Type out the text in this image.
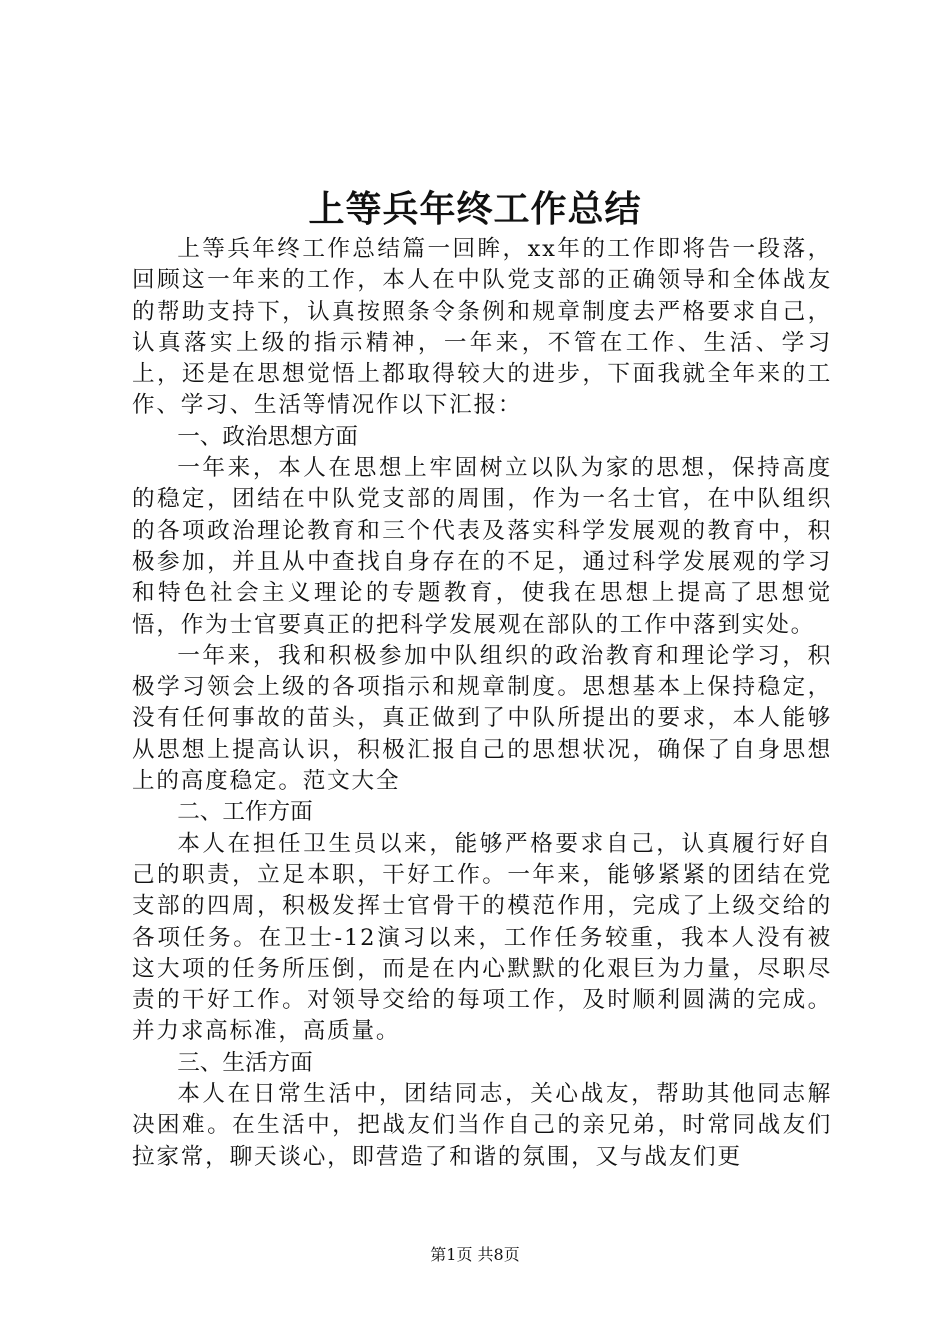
上等兵年终工作总结

上等兵年终工作总结篇一回眸，xx年的工作即将告一段落，回顾这一年来的工作，本人在中队党支部的正确领导和全体战友的帮助支持下，认真按照条令条例和规章制度去严格要求自己，认真落实上级的指示精神，一年来，不管在工作、生活、学习上，还是在思想觉悟上都取得较大的进步，下面我就全年来的工作、学习、生活等情况作以下汇报：

一、政治思想方面

一年来，本人在思想上牢固树立以队为家的思想，保持高度的稳定，团结在中队党支部的周围，作为一名士官，在中队组织的各项政治理论教育和三个代表及落实科学发展观的教育中，积极参加，并且从中查找自身存在的不足，通过科学发展观的学习和特色社会主义理论的专题教育，使我在思想上提高了思想觉悟，作为士官要真正的把科学发展观在部队的工作中落到实处。

一年来，我和积极参加中队组织的政治教育和理论学习，积极学习领会上级的各项指示和规章制度。思想基本上保持稳定，没有任何事故的苗头，真正做到了中队所提出的要求，本人能够从思想上提高认识，积极汇报自己的思想状况，确保了自身思想上的高度稳定。范文大全

二、工作方面

本人在担任卫生员以来，能够严格要求自己，认真履行好自己的职责，立足本职，干好工作。一年来，能够紧紧的团结在党支部的四周，积极发挥士官骨干的模范作用，完成了上级交给的各项任务。在卫士-12演习以来，工作任务较重，我本人没有被这大项的任务所压倒，而是在内心默默的化艰巨为力量，尽职尽责的干好工作。对领导交给的每项工作，及时顺利圆满的完成。并力求高标准，高质量。

三、生活方面

本人在日常生活中，团结同志，关心战友，帮助其他同志解决困难。在生活中，把战友们当作自己的亲兄弟，时常同战友们拉家常，聊天谈心，即营造了和谐的氛围，又与战友们更

第1页 共8页
